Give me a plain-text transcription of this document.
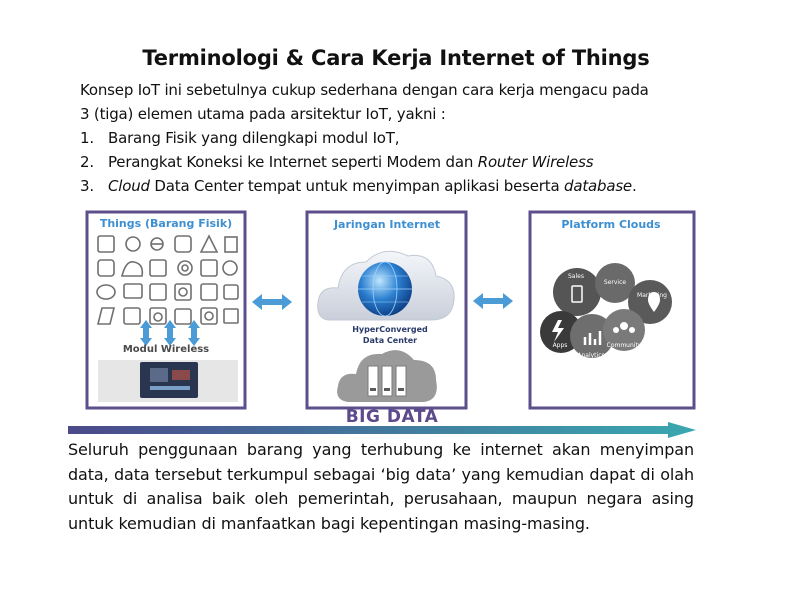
Terminologi & Cara Kerja Internet of Things
Konsep IoT ini sebetulnya cukup sederhana dengan cara kerja mengacu pada
3 (tiga) elemen utama pada arsitektur IoT, yakni :
1. Barang Fisik yang dilengkapi modul IoT,
2. Perangkat Koneksi ke Internet seperti Modem dan Router Wireless
3. Cloud Data Center tempat untuk menyimpan aplikasi beserta database.
Things (Barang Fisik)
Modul Wireless
Jaringan Internet
HyperConverged
Data Center
Platform Clouds
Sales
Service
Marketing
Apps
Analytics
Community
BIG DATA
Seluruh penggunaan barang yang terhubung ke internet akan menyimpan data, data tersebut terkumpul sebagai ‘big data’ yang kemudian dapat di olah untuk di analisa baik oleh pemerintah, perusahaan, maupun negara asing untuk kemudian di manfaatkan bagi kepentingan masing-masing.
